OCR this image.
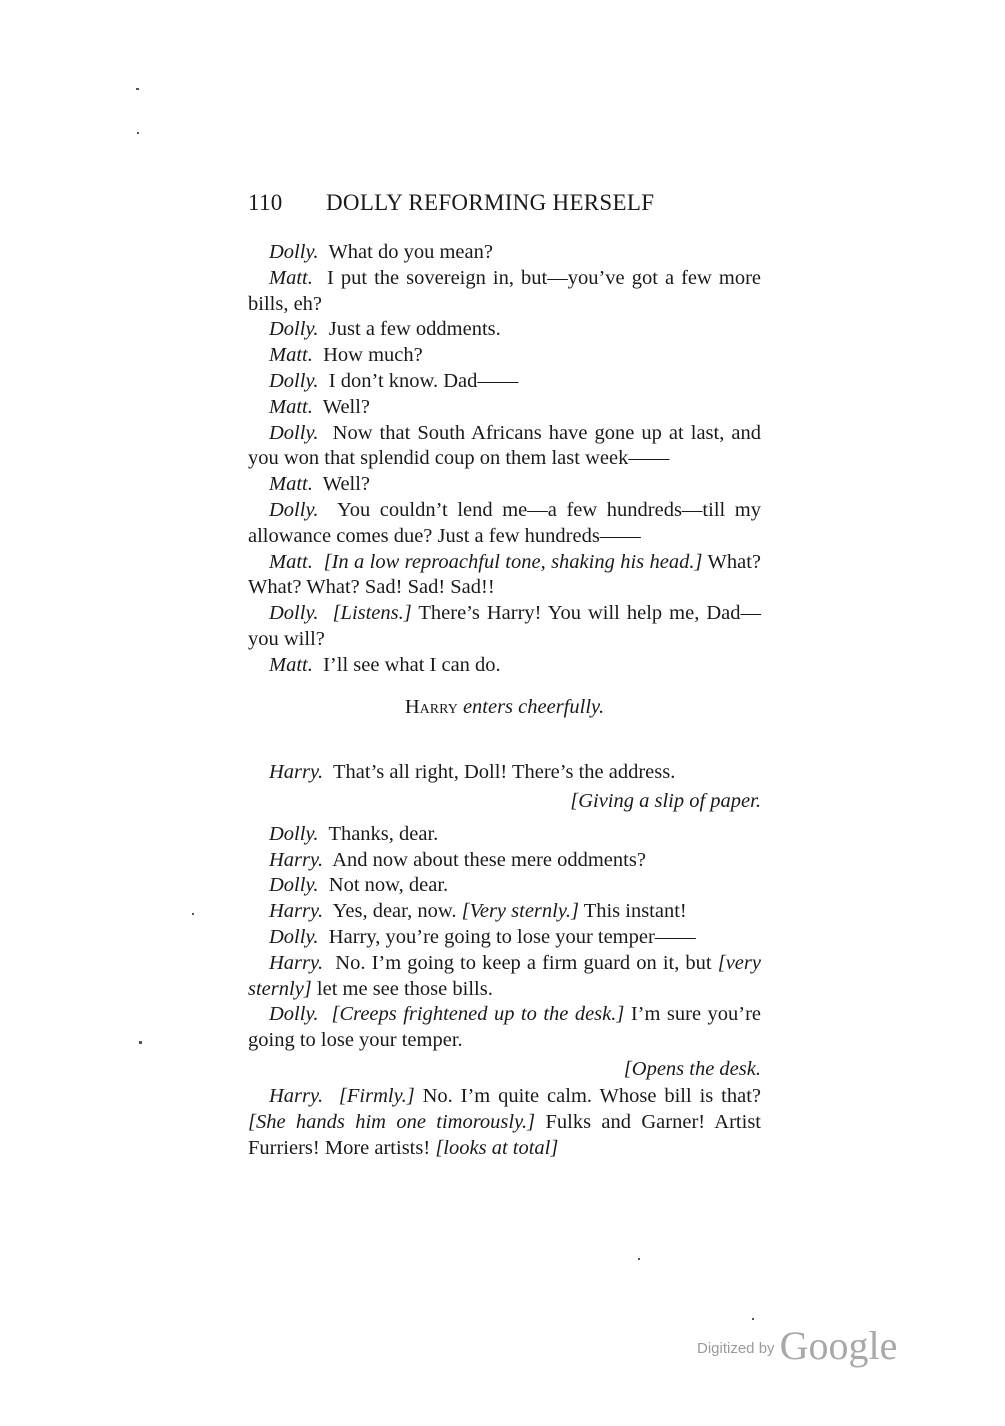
110 DOLLY REFORMING HERSELF
Dolly. What do you mean?
Matt. I put the sovereign in, but—you’ve got a few more bills, eh?
Dolly. Just a few oddments.
Matt. How much?
Dolly. I don’t know. Dad——
Matt. Well?
Dolly. Now that South Africans have gone up at last, and you won that splendid coup on them last week——
Matt. Well?
Dolly. You couldn’t lend me—a few hundreds—till my allowance comes due? Just a few hundreds——
Matt. [In a low reproachful tone, shaking his head.] What? What? What? Sad! Sad! Sad!!
Dolly. [Listens.] There’s Harry! You will help me, Dad—you will?
Matt. I’ll see what I can do.
Harry enters cheerfully.
Harry. That’s all right, Doll! There’s the address.
[Giving a slip of paper.
Dolly. Thanks, dear.
Harry. And now about these mere oddments?
Dolly. Not now, dear.
Harry. Yes, dear, now. [Very sternly.] This instant!
Dolly. Harry, you’re going to lose your temper——
Harry. No. I’m going to keep a firm guard on it, but [very sternly] let me see those bills.
Dolly. [Creeps frightened up to the desk.] I’m sure you’re going to lose your temper.
[Opens the desk.
Harry. [Firmly.] No. I’m quite calm. Whose bill is that? [She hands him one timorously.] Fulks and Garner! Artist Furriers! More artists! [looks at total]
$^{Digitized by}$ Google
